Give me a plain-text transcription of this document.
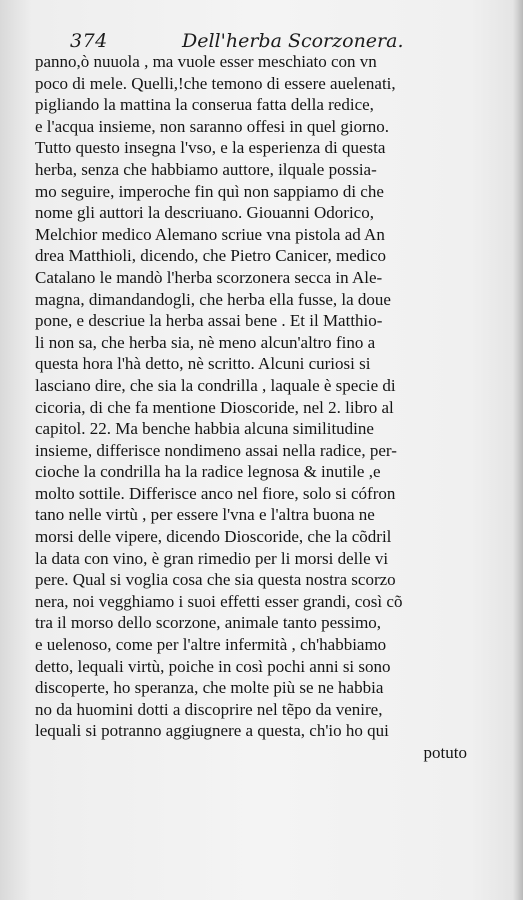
374	Dell'herba Scorzonera.
panno,ò nuuola , ma vuole esser meschiato con vn
poco di mele. Quelli,!che temono di essere auelenati,
pigliando la mattina la conserua fatta della redice,
e l'acqua insieme, non saranno offesi in quel giorno.
Tutto questo insegna l'vso, e la esperienza di questa
herba, senza che habbiamo auttore, ilquale possia-
mo seguire, imperoche fin quì non sappiamo di che
nome gli auttori la descriuano. Giouanni Odorico,
Melchior medico Alemano scriue vna pistola ad An
drea Matthioli, dicendo, che Pietro Canicer, medico
Catalano le mandò l'herba scorzonera secca in Ale-
magna, dimandandogli, che herba ella fusse, la doue
pone, e descriue la herba assai bene . Et il Matthio-
li non sa, che herba sia, nè meno alcun'altro fino a
questa hora l'hà detto, nè scritto. Alcuni curiosi si
lasciano dire, che sia la condrilla , laquale è specie di
cicoria, di che fa mentione Dioscoride, nel 2. libro al
capitol. 22. Ma benche habbia alcuna similitudine
insieme, differisce nondimeno assai nella radice, per-
cioche la condrilla ha la radice legnosa & inutile ,e
molto sottile. Differisce anco nel fiore, solo si cófron
tano nelle virtù , per essere l'vna e l'altra buona ne
morsi delle vipere, dicendo Dioscoride, che la cõdril
la data con vino, è gran rimedio per li morsi delle vi
pere. Qual si voglia cosa che sia questa nostra scorzo
nera, noi vegghiamo i suoi effetti esser grandi, così cõ
tra il morso dello scorzone, animale tanto pessimo,
e uelenoso, come per l'altre infermità , ch'habbiamo
detto, lequali virtù, poiche in così pochi anni si sono
discoperte, ho speranza, che molte più se ne habbia
no da huomini dotti a discoprire nel tẽpo da venire,
lequali si potranno aggiugnere a questa, ch'io ho qui
potuto
